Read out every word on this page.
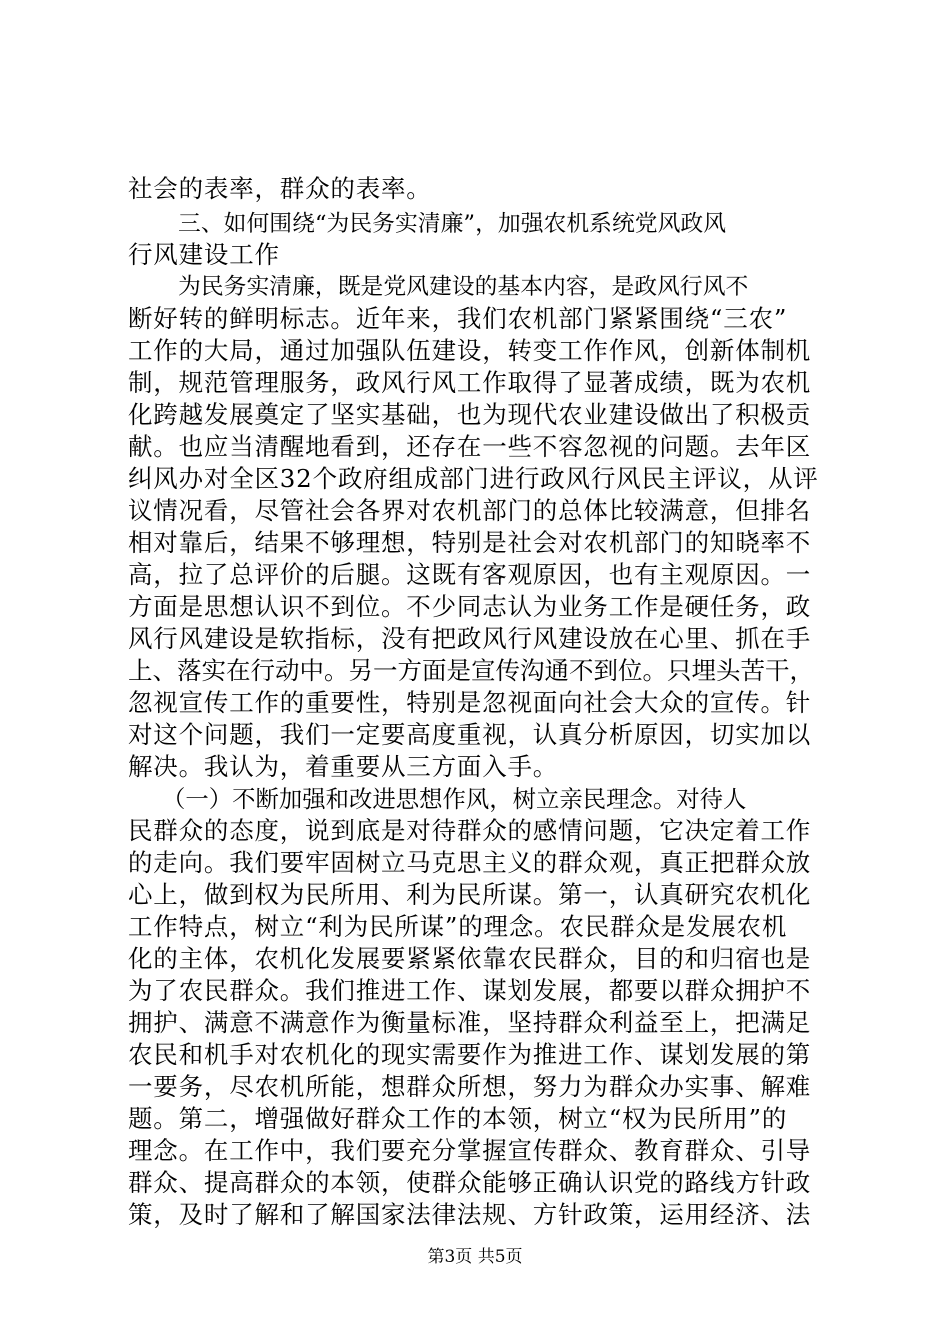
社会的表率，群众的表率。
三、如何围绕“为民务实清廉”，加强农机系统党风政风
行风建设工作
为民务实清廉，既是党风建设的基本内容，是政风行风不
断好转的鲜明标志。近年来，我们农机部门紧紧围绕“三农”
工作的大局，通过加强队伍建设，转变工作作风，创新体制机
制，规范管理服务，政风行风工作取得了显著成绩，既为农机
化跨越发展奠定了坚实基础，也为现代农业建设做出了积极贡
献。也应当清醒地看到，还存在一些不容忽视的问题。去年区
纠风办对全区32个政府组成部门进行政风行风民主评议，从评
议情况看，尽管社会各界对农机部门的总体比较满意，但排名
相对靠后，结果不够理想，特别是社会对农机部门的知晓率不
高，拉了总评价的后腿。这既有客观原因，也有主观原因。一
方面是思想认识不到位。不少同志认为业务工作是硬任务，政
风行风建设是软指标，没有把政风行风建设放在心里、抓在手
上、落实在行动中。另一方面是宣传沟通不到位。只埋头苦干，
忽视宣传工作的重要性，特别是忽视面向社会大众的宣传。针
对这个问题，我们一定要高度重视，认真分析原因，切实加以
解决。我认为，着重要从三方面入手。
（一）不断加强和改进思想作风，树立亲民理念。对待人
民群众的态度，说到底是对待群众的感情问题，它决定着工作
的走向。我们要牢固树立马克思主义的群众观，真正把群众放
心上，做到权为民所用、利为民所谋。第一，认真研究农机化
工作特点，树立“利为民所谋”的理念。农民群众是发展农机
化的主体，农机化发展要紧紧依靠农民群众，目的和归宿也是
为了农民群众。我们推进工作、谋划发展，都要以群众拥护不
拥护、满意不满意作为衡量标准，坚持群众利益至上，把满足
农民和机手对农机化的现实需要作为推进工作、谋划发展的第
一要务，尽农机所能，想群众所想，努力为群众办实事、解难
题。第二，增强做好群众工作的本领，树立“权为民所用”的
理念。在工作中，我们要充分掌握宣传群众、教育群众、引导
群众、提高群众的本领，使群众能够正确认识党的路线方针政
策，及时了解和了解国家法律法规、方针政策，运用经济、法
第3页 共5页
